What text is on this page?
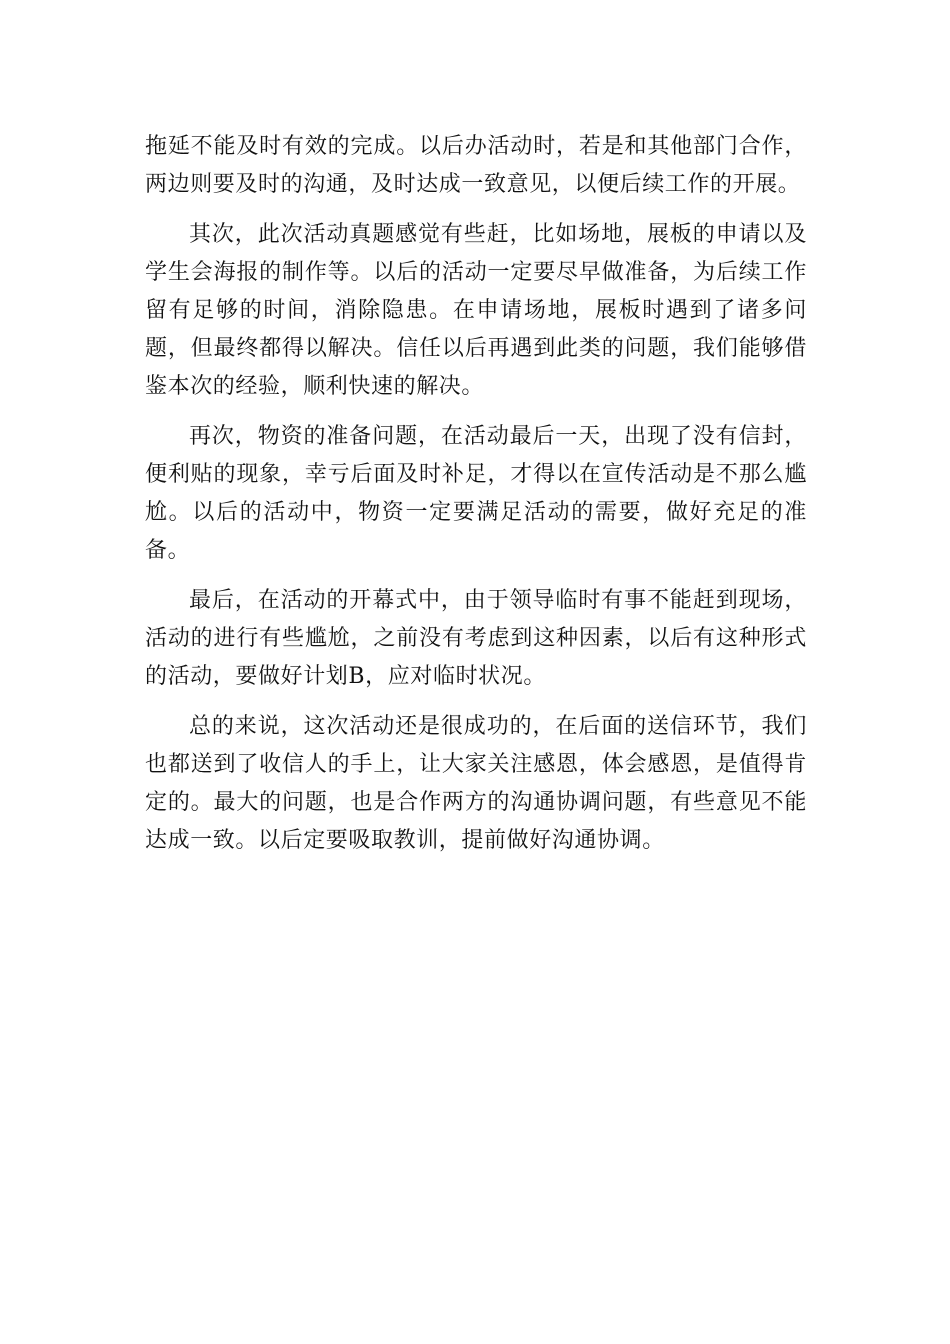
拖延不能及时有效的完成。以后办活动时，若是和其他部门合作，两边则要及时的沟通，及时达成一致意见，以便后续工作的开展。

其次，此次活动真题感觉有些赶，比如场地，展板的申请以及学生会海报的制作等。以后的活动一定要尽早做准备，为后续工作留有足够的时间，消除隐患。在申请场地，展板时遇到了诸多问题，但最终都得以解决。信任以后再遇到此类的问题，我们能够借鉴本次的经验，顺利快速的解决。

再次，物资的准备问题，在活动最后一天，出现了没有信封，便利贴的现象，幸亏后面及时补足，才得以在宣传活动是不那么尴尬。以后的活动中，物资一定要满足活动的需要，做好充足的准备。

最后，在活动的开幕式中，由于领导临时有事不能赶到现场，活动的进行有些尴尬，之前没有考虑到这种因素，以后有这种形式的活动，要做好计划B，应对临时状况。

总的来说，这次活动还是很成功的，在后面的送信环节，我们也都送到了收信人的手上，让大家关注感恩，体会感恩，是值得肯定的。最大的问题，也是合作两方的沟通协调问题，有些意见不能达成一致。以后定要吸取教训，提前做好沟通协调。
